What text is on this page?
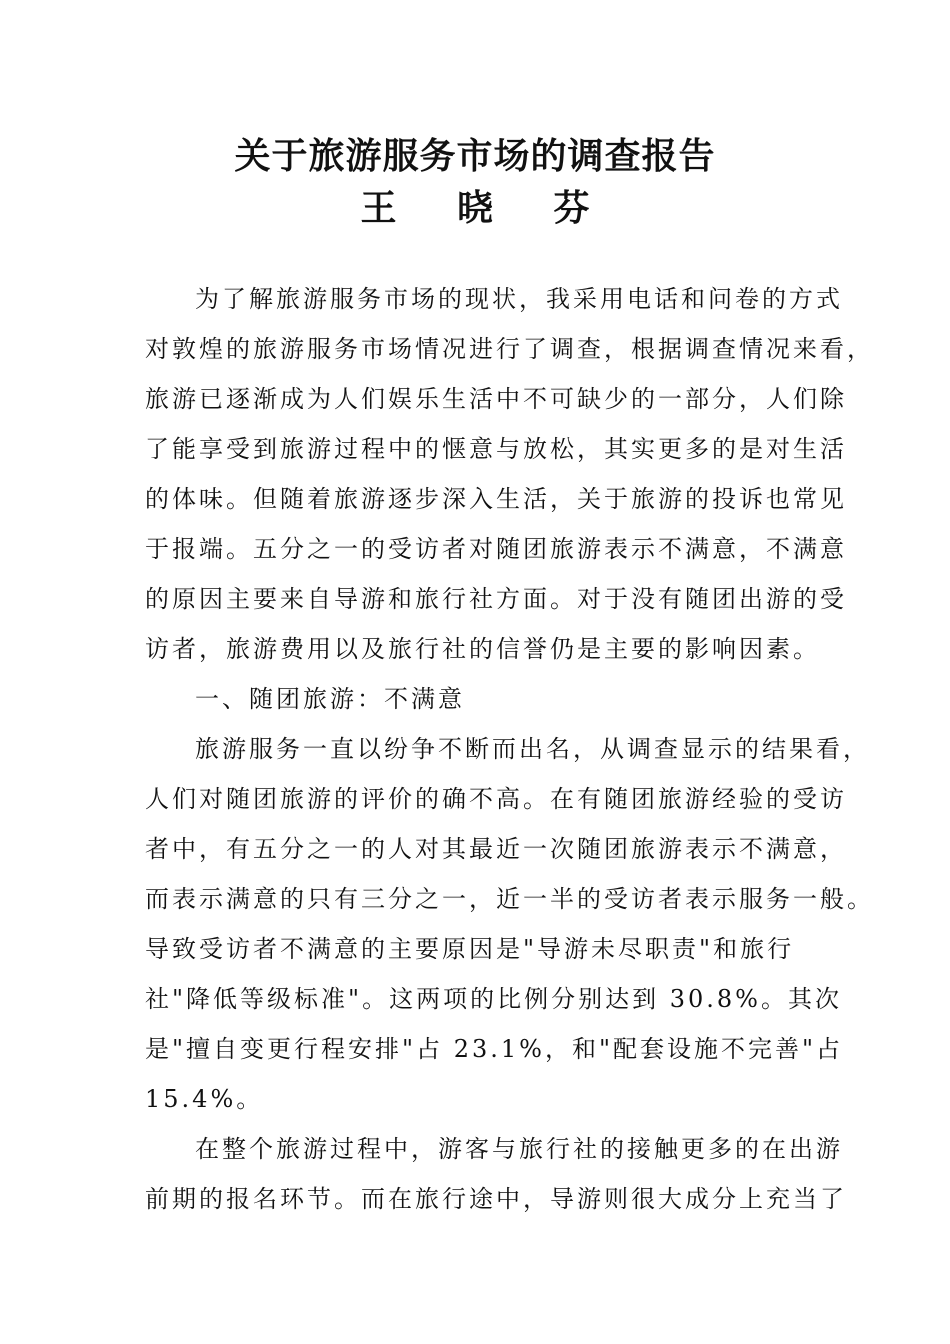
关于旅游服务市场的调查报告
王 晓 芬
为了解旅游服务市场的现状，我采用电话和问卷的方式
对敦煌的旅游服务市场情况进行了调查，根据调查情况来看，
旅游已逐渐成为人们娱乐生活中不可缺少的一部分，人们除
了能享受到旅游过程中的惬意与放松，其实更多的是对生活
的体味。但随着旅游逐步深入生活，关于旅游的投诉也常见
于报端。五分之一的受访者对随团旅游表示不满意，不满意
的原因主要来自导游和旅行社方面。对于没有随团出游的受
访者，旅游费用以及旅行社的信誉仍是主要的影响因素。
一、随团旅游：不满意
旅游服务一直以纷争不断而出名，从调查显示的结果看，
人们对随团旅游的评价的确不高。在有随团旅游经验的受访
者中，有五分之一的人对其最近一次随团旅游表示不满意，
而表示满意的只有三分之一，近一半的受访者表示服务一般。
导致受访者不满意的主要原因是"导游未尽职责"和旅行
社"降低等级标准"。这两项的比例分别达到 30.8%。其次
是"擅自变更行程安排"占 23.1%，和"配套设施不完善"占
15.4%。
在整个旅游过程中，游客与旅行社的接触更多的在出游
前期的报名环节。而在旅行途中，导游则很大成分上充当了
